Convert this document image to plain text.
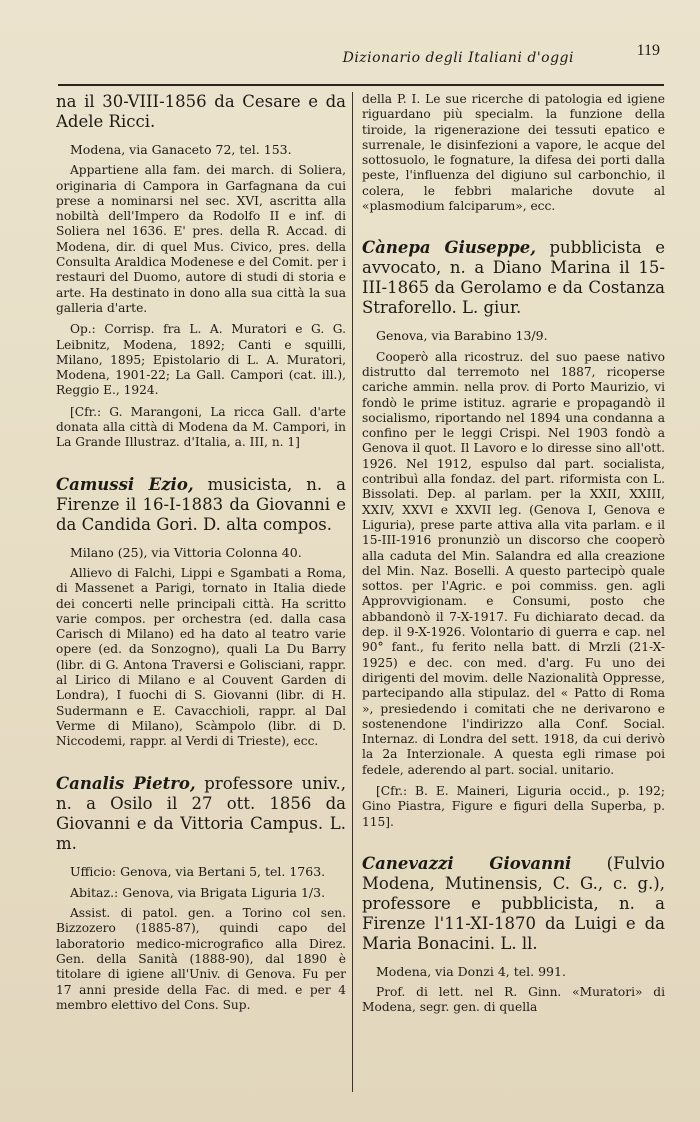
Dizionario degli Italiani d'oggi	119

na il 30-VIII-1856 da Cesare e da Adele Ricci.

Modena, via Ganaceto 72, tel. 153.

Appartiene alla fam. dei march. di Soliera, originaria di Campora in Garfagnana da cui prese a nominarsi nel sec. XVI, ascritta alla nobiltà dell'Impero da Rodolfo II e inf. di Soliera nel 1636. E' pres. della R. Accad. di Modena, dir. di quel Mus. Civico, pres. della Consulta Araldica Modenese e del Comit. per i restauri del Duomo, autore di studi di storia e arte. Ha destinato in dono alla sua città la sua galleria d'arte.

Op.: Corrisp. fra L. A. Muratori e G. G. Leibnitz, Modena, 1892; Canti e squilli, Milano, 1895; Epistolario di L. A. Muratori, Modena, 1901-22; La Gall. Campori (cat. ill.), Reggio E., 1924.

[Cfr.: G. Marangoni, La ricca Gall. d'arte donata alla città di Modena da M. Campori, in La Grande Illustraz. d'Italia, a. III, n. 1]

Camussi Ezio, musicista, n. a Firenze il 16-I-1883 da Giovanni e da Candida Gori. D. alta compos.

Milano (25), via Vittoria Colonna 40.

Allievo di Falchi, Lippi e Sgambati a Roma, di Massenet a Parigi, tornato in Italia diede dei concerti nelle principali città. Ha scritto varie compos. per orchestra (ed. dalla casa Carisch di Milano) ed ha dato al teatro varie opere (ed. da Sonzogno), quali La Du Barry (libr. di G. Antona Traversi e Golisciani, rappr. al Lirico di Milano e al Couvent Garden di Londra), I fuochi di S. Giovanni (libr. di H. Sudermann e E. Cavacchioli, rappr. al Dal Verme di Milano), Scàmpolo (libr. di D. Niccodemi, rappr. al Verdi di Trieste), ecc.

Canalis Pietro, professore univ., n. a Osilo il 27 ott. 1856 da Giovanni e da Vittoria Campus. L. m.

Ufficio: Genova, via Bertani 5, tel. 1763.

Abitaz.: Genova, via Brigata Liguria 1/3.

Assist. di patol. gen. a Torino col sen. Bizzozero (1885-87), quindi capo del laboratorio medico-micrografico alla Direz. Gen. della Sanità (1888-90), dal 1890 è titolare di igiene all'Univ. di Genova. Fu per 17 anni preside della Fac. di med. e per 4 membro elettivo del Cons. Sup.

della P. I. Le sue ricerche di patologia ed igiene riguardano più specialm. la funzione della tiroide, la rigenerazione dei tessuti epatico e surrenale, le disinfezioni a vapore, le acque del sottosuolo, le fognature, la difesa dei porti dalla peste, l'influenza del digiuno sul carbonchio, il colera, le febbri malariche dovute al «plasmodium falciparum», ecc.

Cànepa Giuseppe, pubblicista e avvocato, n. a Diano Marina il 15-III-1865 da Gerolamo e da Costanza Straforello. L. giur.

Genova, via Barabino 13/9.

Cooperò alla ricostruz. del suo paese nativo distrutto dal terremoto nel 1887, ricoperse cariche ammin. nella prov. di Porto Maurizio, vi fondò le prime istituz. agrarie e propagandò il socialismo, riportando nel 1894 una condanna a confino per le leggi Crispi. Nel 1903 fondò a Genova il quot. Il Lavoro e lo diresse sino all'ott. 1926. Nel 1912, espulso dal part. socialista, contribuì alla fondaz. del part. riformista con L. Bissolati. Dep. al parlam. per la XXII, XXIII, XXIV, XXVI e XXVII leg. (Genova I, Genova e Liguria), prese parte attiva alla vita parlam. e il 15-III-1916 pronunziò un discorso che cooperò alla caduta del Min. Salandra ed alla creazione del Min. Naz. Boselli. A questo partecipò quale sottos. per l'Agric. e poi commiss. gen. agli Approvvigionam. e Consumi, posto che abbandonò il 7-X-1917. Fu dichiarato decad. da dep. il 9-X-1926. Volontario di guerra e cap. nel 90° fant., fu ferito nella batt. di Mrzli (21-X-1925) e dec. con med. d'arg. Fu uno dei dirigenti del movim. delle Nazionalità Oppresse, partecipando alla stipulaz. del « Patto di Roma », presiedendo i comitati che ne derivarono e sostenendone l'indirizzo alla Conf. Social. Internaz. di Londra del sett. 1918, da cui derivò la 2a Interzionale. A questa egli rimase poi fedele, aderendo al part. social. unitario.

[Cfr.: B. E. Maineri, Liguria occid., p. 192; Gino Piastra, Figure e figuri della Superba, p. 115].

Canevazzi Giovanni (Fulvio Modena, Mutinensis, C. G., c. g.), professore e pubblicista, n. a Firenze l'11-XI-1870 da Luigi e da Maria Bonacini. L. ll.

Modena, via Donzi 4, tel. 991.

Prof. di lett. nel R. Ginn. «Muratori» di Modena, segr. gen. di quella
